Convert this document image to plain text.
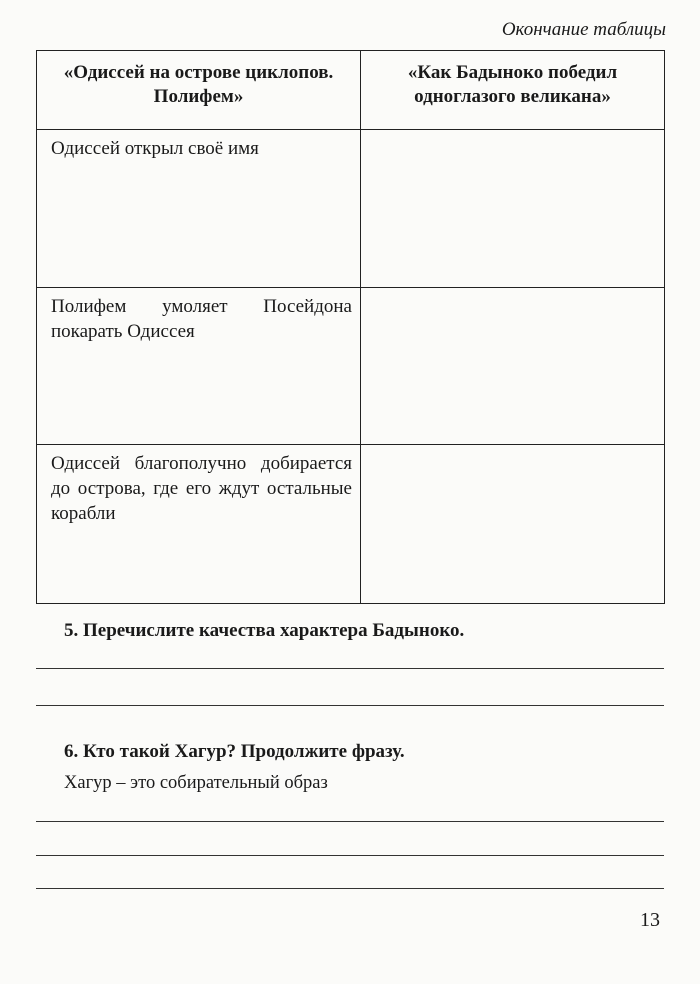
Окончание таблицы
«Одиссей на острове циклопов. Полифем»	«Как Бадыноко победил одноглазого великана»
Одиссей открыл своё имя	
Полифем умоляет Посейдона покарать Одиссея	
Одиссей благополучно добирается до острова, где его ждут остальные корабли	
5. Перечислите качества характера Бадыноко.
6. Кто такой Хагур? Продолжите фразу.
Хагур – это собирательный образ
13
